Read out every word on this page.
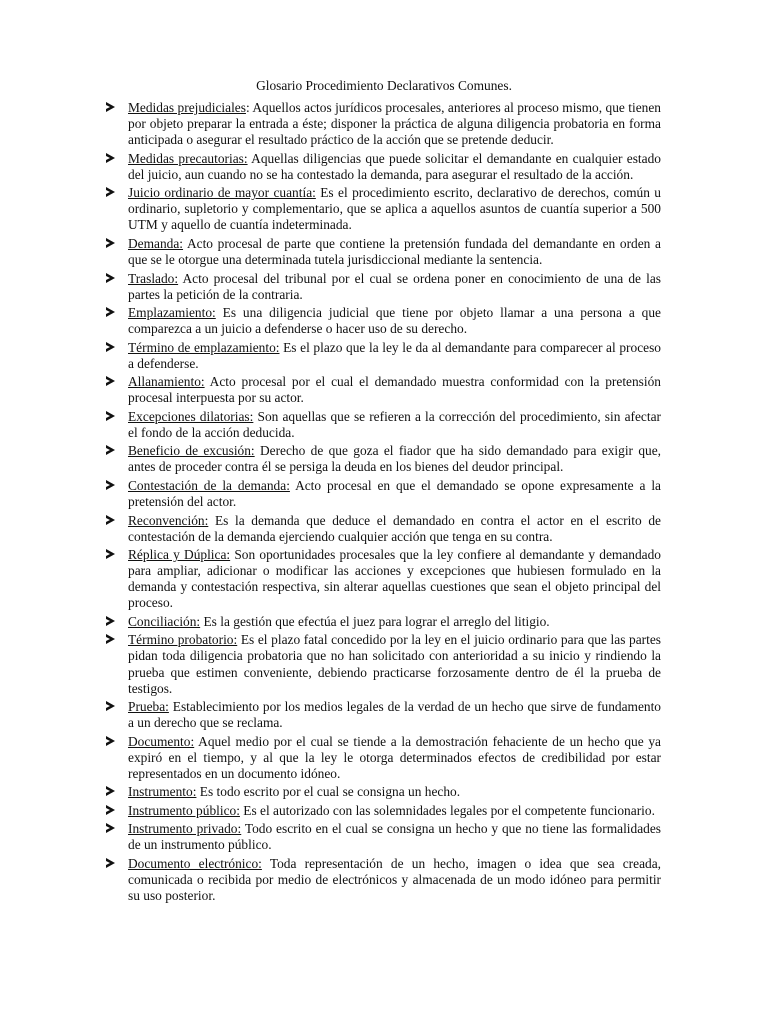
Glosario Procedimiento Declarativos Comunes.
Medidas prejudiciales: Aquellos actos jurídicos procesales, anteriores al proceso mismo, que tienen por objeto preparar la entrada a éste; disponer la práctica de alguna diligencia probatoria en forma anticipada o asegurar el resultado práctico de la acción que se pretende deducir.
Medidas precautorias: Aquellas diligencias que puede solicitar el demandante en cualquier estado del juicio, aun cuando no se ha contestado la demanda, para asegurar el resultado de la acción.
Juicio ordinario de mayor cuantía: Es el procedimiento escrito, declarativo de derechos, común u ordinario, supletorio y complementario, que se aplica a aquellos asuntos de cuantía superior a 500 UTM y aquello de cuantía indeterminada.
Demanda: Acto procesal de parte que contiene la pretensión fundada del demandante en orden a que se le otorgue una determinada tutela jurisdiccional mediante la sentencia.
Traslado: Acto procesal del tribunal por el cual se ordena poner en conocimiento de una de las partes la petición de la contraria.
Emplazamiento: Es una diligencia judicial que tiene por objeto llamar a una persona a que comparezca a un juicio a defenderse o hacer uso de su derecho.
Término de emplazamiento: Es el plazo que la ley le da al demandante para comparecer al proceso a defenderse.
Allanamiento: Acto procesal por el cual el demandado muestra conformidad con la pretensión procesal interpuesta por su actor.
Excepciones dilatorias: Son aquellas que se refieren a la corrección del procedimiento, sin afectar el fondo de la acción deducida.
Beneficio de excusión: Derecho de que goza el fiador que ha sido demandado para exigir que, antes de proceder contra él se persiga la deuda en los bienes del deudor principal.
Contestación de la demanda: Acto procesal en que el demandado se opone expresamente a la pretensión del actor.
Reconvención: Es la demanda que deduce el demandado en contra el actor en el escrito de contestación de la demanda ejerciendo cualquier acción que tenga en su contra.
Réplica y Dúplica: Son oportunidades procesales que la ley confiere al demandante y demandado para ampliar, adicionar o modificar las acciones y excepciones que hubiesen formulado en la demanda y contestación respectiva, sin alterar aquellas cuestiones que sean el objeto principal del proceso.
Conciliación: Es la gestión que efectúa el juez para lograr el arreglo del litigio.
Término probatorio: Es el plazo fatal concedido por la ley en el juicio ordinario para que las partes pidan toda diligencia probatoria que no han solicitado con anterioridad a su inicio y rindiendo la prueba que estimen conveniente, debiendo practicarse forzosamente dentro de él la prueba de testigos.
Prueba: Establecimiento por los medios legales de la verdad de un hecho que sirve de fundamento a un derecho que se reclama.
Documento: Aquel medio por el cual se tiende a la demostración fehaciente de un hecho que ya expiró en el tiempo, y al que la ley le otorga determinados efectos de credibilidad por estar representados en un documento idóneo.
Instrumento: Es todo escrito por el cual se consigna un hecho.
Instrumento público: Es el autorizado con las solemnidades legales por el competente funcionario.
Instrumento privado: Todo escrito en el cual se consigna un hecho y que no tiene las formalidades de un instrumento público.
Documento electrónico: Toda representación de un hecho, imagen o idea que sea creada, comunicada o recibida por medio de electrónicos y almacenada de un modo idóneo para permitir su uso posterior.
